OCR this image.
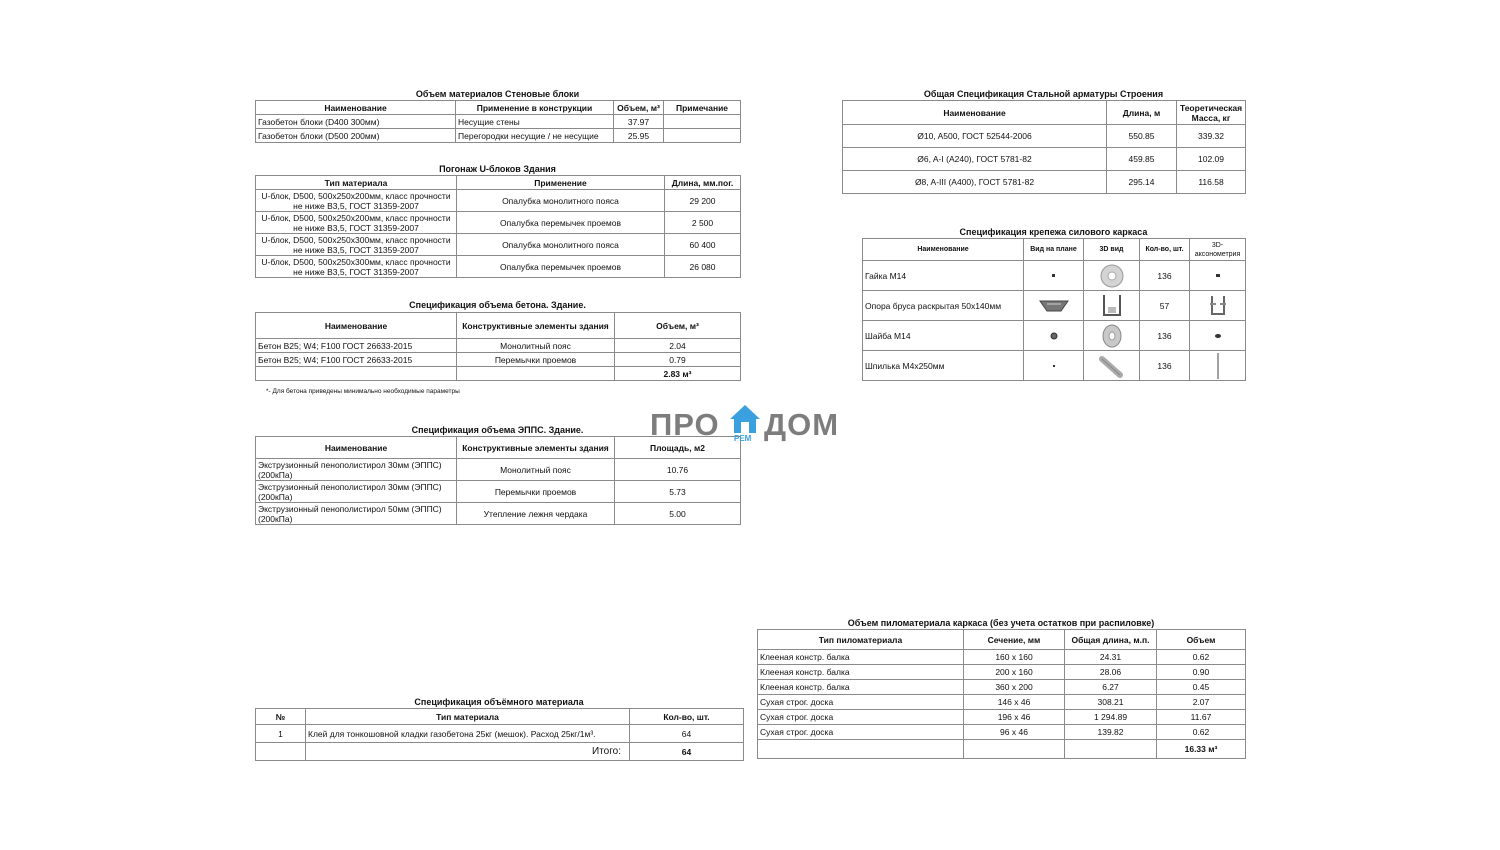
Объем материалов Стеновые блоки
Наименование	Применение в конструкции	Объем, м³	Примечание
Газобетон блоки (D400 300мм)	Несущие стены	37.97	
Газобетон блоки (D500 200мм)	Перегородки несущие / не несущие	25.95	
Погонаж U-блоков Здания
Тип материала	Применение	Длина, мм.пог.
U-блок, D500, 500x250x200мм, класс прочности не ниже B3,5, ГОСТ 31359-2007	Опалубка монолитного пояса	29 200
U-блок, D500, 500x250x200мм, класс прочности не ниже B3,5, ГОСТ 31359-2007	Опалубка перемычек проемов	2 500
U-блок, D500, 500x250x300мм, класс прочности не ниже B3,5, ГОСТ 31359-2007	Опалубка монолитного пояса	60 400
U-блок, D500, 500x250x300мм, класс прочности не ниже B3,5, ГОСТ 31359-2007	Опалубка перемычек проемов	26 080
Спецификация объема бетона. Здание.
Наименование	Конструктивные элементы здания	Объем, м³
Бетон B25; W4; F100 ГОСТ 26633-2015	Монолитный пояс	2.04
Бетон B25; W4; F100 ГОСТ 26633-2015	Перемычки проемов	0.79
		2.83 м³
*- Для бетона приведены минимально необходимые параметры
Спецификация объема ЭППС. Здание.
Наименование	Конструктивные элементы здания	Площадь, м2
Экструзионный пенополистирол 30мм (ЭППС) (200кПа)	Монолитный пояс	10.76
Экструзионный пенополистирол 30мм (ЭППС) (200кПа)	Перемычки проемов	5.73
Экструзионный пенополистирол 50мм (ЭППС) (200кПа)	Утепление лежня чердака	5.00
Спецификация объёмного материала
№	Тип материала	Кол-во, шт.
1	Клей для тонкошовной кладки газобетона 25кг (мешок). Расход 25кг/1м³.	64
	Итого:	64
Общая Спецификация Стальной арматуры Строения
Наименование	Длина, м	Теоретическая Масса, кг
Ø10, A500, ГОСТ 52544-2006	550.85	339.32
Ø6, A-I (A240), ГОСТ 5781-82	459.85	102.09
Ø8, A-III (A400), ГОСТ 5781-82	295.14	116.58
Спецификация крепежа силового каркаса
Наименование	Вид на плане	3D вид	Кол-во, шт.	3D-аксонометрия
Гайка М14			136	

Опора бруса раскрытая 50x140мм			57	

Шайба М14			136	

Шпилька М4x250мм			136	
ПРО РЕМ ДОМ
Объем пиломатериала каркаса (без учета остатков при распиловке)
Тип пиломатериала	Сечение, мм	Общая длина, м.п.	Объем
Клееная констр. балка	160 x 160	24.31	0.62
Клееная констр. балка	200 x 160	28.06	0.90
Клееная констр. балка	360 x 200	6.27	0.45
Сухая строг. доска	146 x 46	308.21	2.07
Сухая строг. доска	196 x 46	1 294.89	11.67
Сухая строг. доска	96 x 46	139.82	0.62
			16.33 м³
